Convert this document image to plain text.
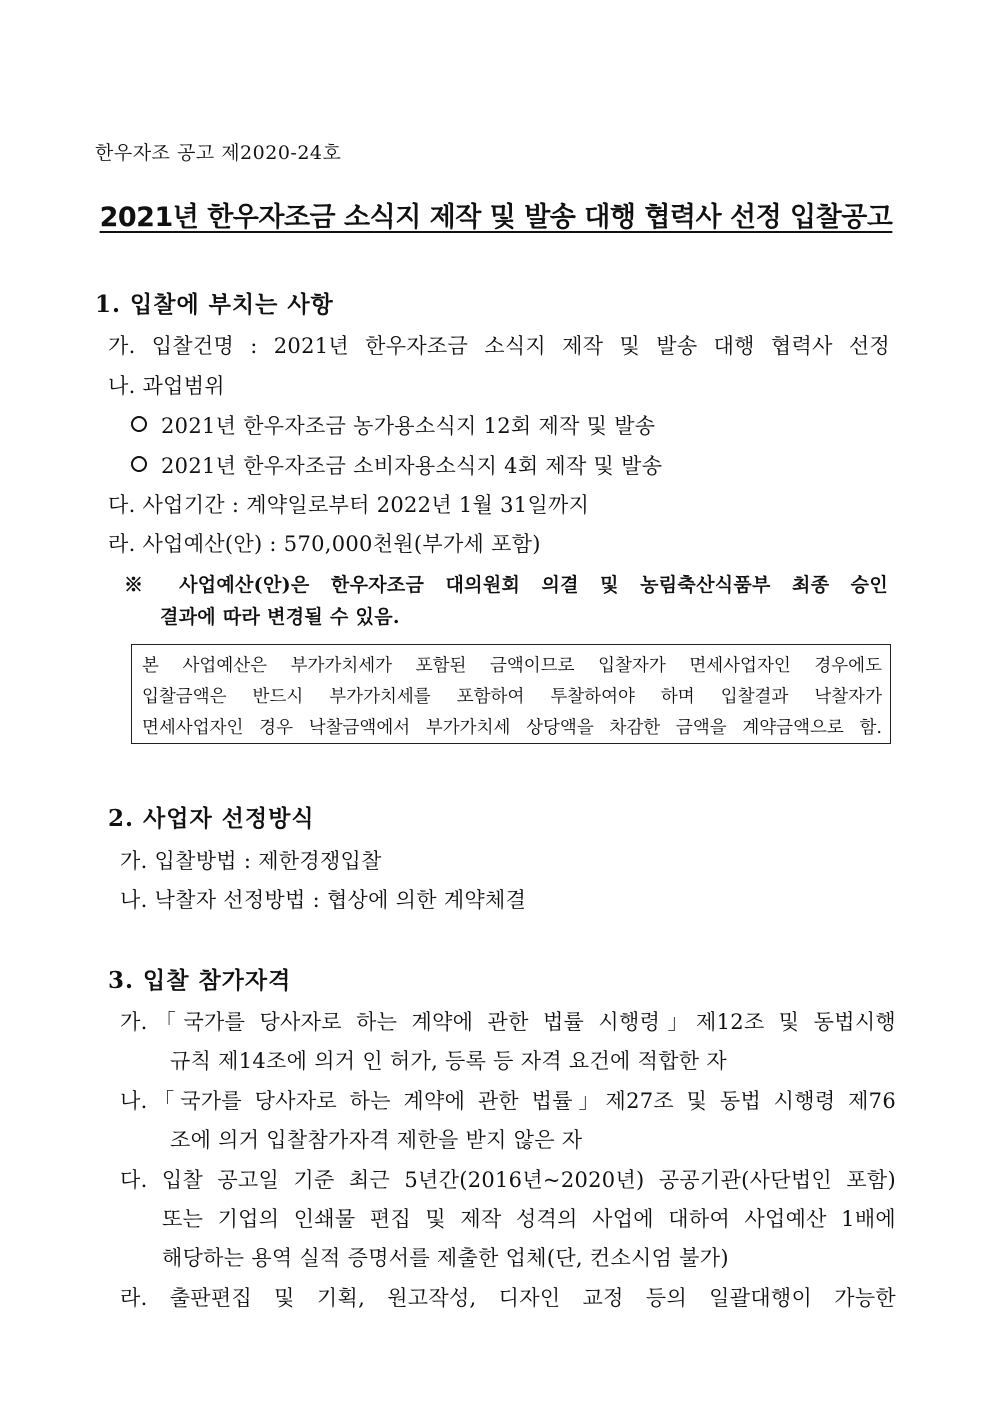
한우자조 공고 제2020-24호
2021년 한우자조금 소식지 제작 및 발송 대행 협력사 선정 입찰공고
1. 입찰에 부치는 사항
가. 입찰건명 : 2021년 한우자조금 소식지 제작 및 발송 대행 협력사 선정
나. 과업범위
2021년 한우자조금 농가용소식지 12회 제작 및 발송
2021년 한우자조금 소비자용소식지 4회 제작 및 발송
다. 사업기간 : 계약일로부터 2022년 1월 31일까지
라. 사업예산(안) : 570,000천원(부가세 포함)
※ 사업예산(안)은 한우자조금 대의원회 의결 및 농림축산식품부 최종 승인
결과에 따라 변경될 수 있음.
본 사업예산은 부가가치세가 포함된 금액이므로 입찰자가 면세사업자인 경우에도
입찰금액은 반드시 부가가치세를 포함하여 투찰하여야 하며 입찰결과 낙찰자가
면세사업자인 경우 낙찰금액에서 부가가치세 상당액을 차감한 금액을 계약금액으로 함.
2. 사업자 선정방식
가. 입찰방법 : 제한경쟁입찰
나. 낙찰자 선정방법 : 협상에 의한 계약체결
3. 입찰 참가자격
가.「국가를 당사자로 하는 계약에 관한 법률 시행령」제12조 및 동법시행
규칙 제14조에 의거 인 허가, 등록 등 자격 요건에 적합한 자
나.「국가를 당사자로 하는 계약에 관한 법률」제27조 및 동법 시행령 제76
조에 의거 입찰참가자격 제한을 받지 않은 자
다. 입찰 공고일 기준 최근 5년간(2016년~2020년) 공공기관(사단법인 포함)
또는 기업의 인쇄물 편집 및 제작 성격의 사업에 대하여 사업예산 1배에
해당하는 용역 실적 증명서를 제출한 업체(단, 컨소시엄 불가)
라. 출판편집 및 기획, 원고작성, 디자인 교정 등의 일괄대행이 가능한
